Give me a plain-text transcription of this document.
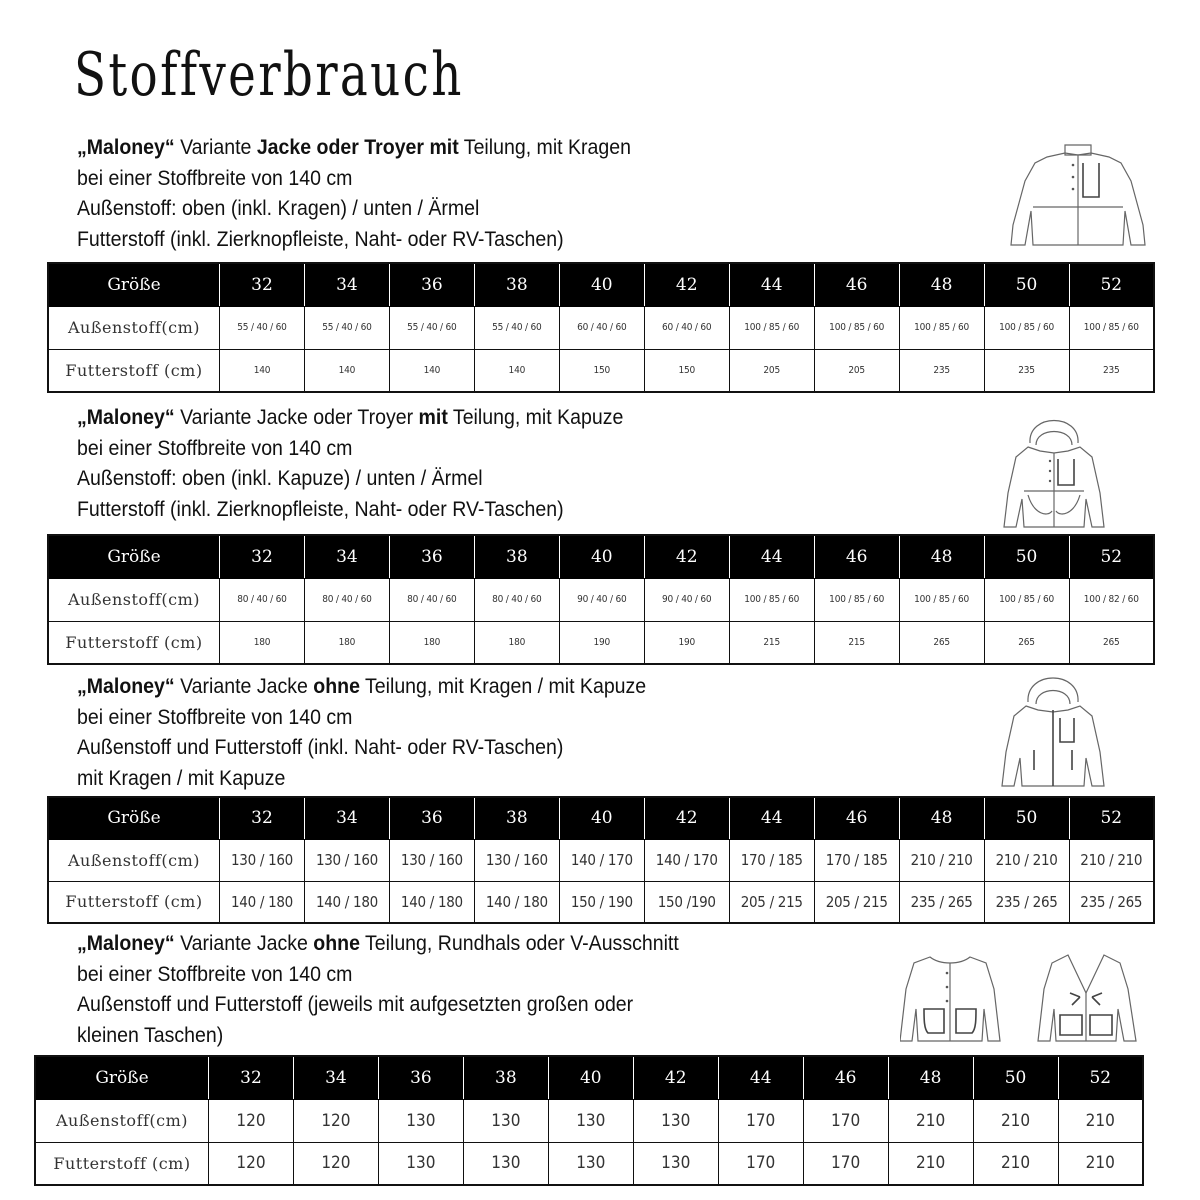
Stoffverbrauch
„Maloney“ Variante Jacke oder Troyer mit Teilung, mit Kragen
bei einer Stoffbreite von 140 cm
Außenstoff: oben (inkl. Kragen) / unten / Ärmel
Futterstoff (inkl. Zierknopfleiste, Naht- oder RV-Taschen)
Größe	32	34	36	38	40	42	44	46	48	50	52
Außenstoff(cm)	55 / 40 / 60	55 / 40 / 60	55 / 40 / 60	55 / 40 / 60	60 / 40 / 60	60 / 40 / 60	100 / 85 / 60	100 / 85 / 60	100 / 85 / 60	100 / 85 / 60	100 / 85 / 60
Futterstoff (cm)	140	140	140	140	150	150	205	205	235	235	235
„Maloney“ Variante Jacke oder Troyer mit Teilung, mit Kapuze
bei einer Stoffbreite von 140 cm
Außenstoff: oben (inkl. Kapuze) / unten / Ärmel
Futterstoff (inkl. Zierknopfleiste, Naht- oder RV-Taschen)
Größe	32	34	36	38	40	42	44	46	48	50	52
Außenstoff(cm)	80 / 40 / 60	80 / 40 / 60	80 / 40 / 60	80 / 40 / 60	90 / 40 / 60	90 / 40 / 60	100 / 85 / 60	100 / 85 / 60	100 / 85 / 60	100 / 85 / 60	100 / 82 / 60
Futterstoff (cm)	180	180	180	180	190	190	215	215	265	265	265
„Maloney“ Variante Jacke ohne Teilung, mit Kragen / mit Kapuze
bei einer Stoffbreite von 140 cm
Außenstoff und Futterstoff (inkl. Naht- oder RV-Taschen)
mit Kragen / mit Kapuze
Größe	32	34	36	38	40	42	44	46	48	50	52
Außenstoff(cm)	130 / 160	130 / 160	130 / 160	130 / 160	140 / 170	140 / 170	170 / 185	170 / 185	210 / 210	210 / 210	210 / 210
Futterstoff (cm)	140 / 180	140 / 180	140 / 180	140 / 180	150 / 190	150 /190	205 / 215	205 / 215	235 / 265	235 / 265	235 / 265
„Maloney“ Variante Jacke ohne Teilung, Rundhals oder V-Ausschnitt
bei einer Stoffbreite von 140 cm
Außenstoff und Futterstoff (jeweils mit aufgesetzten großen oder
kleinen Taschen)
Größe	32	34	36	38	40	42	44	46	48	50	52
Außenstoff(cm)	120	120	130	130	130	130	170	170	210	210	210
Futterstoff (cm)	120	120	130	130	130	130	170	170	210	210	210
